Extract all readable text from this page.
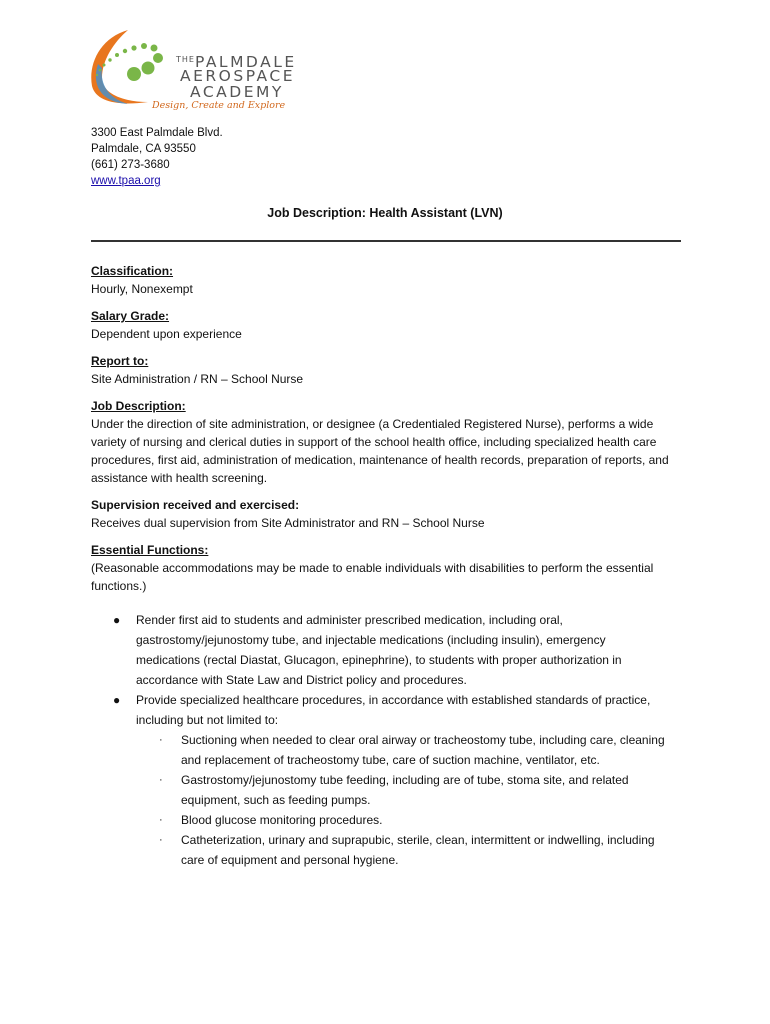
$^{THE}$PALMDALE
AEROSPACE
ACADEMY
Design, Create and Explore
3300 East Palmdale Blvd.
Palmdale, CA 93550
(661) 273-3680
www.tpaa.org
Job Description: Health Assistant (LVN)
Classification:
Hourly, Nonexempt
Salary Grade:
Dependent upon experience
Report to:
Site Administration / RN – School Nurse
Job Description:
Under the direction of site administration, or designee (a Credentialed Registered Nurse), performs a wide variety of nursing and clerical duties in support of the school health office, including specialized health care procedures, first aid, administration of medication, maintenance of health records, preparation of reports, and assistance with health screening.
Supervision received and exercised:
Receives dual supervision from Site Administrator and RN – School Nurse
Essential Functions:
(Reasonable accommodations may be made to enable individuals with disabilities to perform the essential functions.)
● Render first aid to students and administer prescribed medication, including oral, gastrostomy/jejunostomy tube, and injectable medications (including insulin), emergency medications (rectal Diastat, Glucagon, epinephrine), to students with proper authorization in accordance with State Law and District policy and procedures.
● Provide specialized healthcare procedures, in accordance with established standards of practice, including but not limited to:
· Suctioning when needed to clear oral airway or tracheostomy tube, including care, cleaning and replacement of tracheostomy tube, care of suction machine, ventilator, etc.
· Gastrostomy/jejunostomy tube feeding, including are of tube, stoma site, and related equipment, such as feeding pumps.
· Blood glucose monitoring procedures.
· Catheterization, urinary and suprapubic, sterile, clean, intermittent or indwelling, including care of equipment and personal hygiene.
